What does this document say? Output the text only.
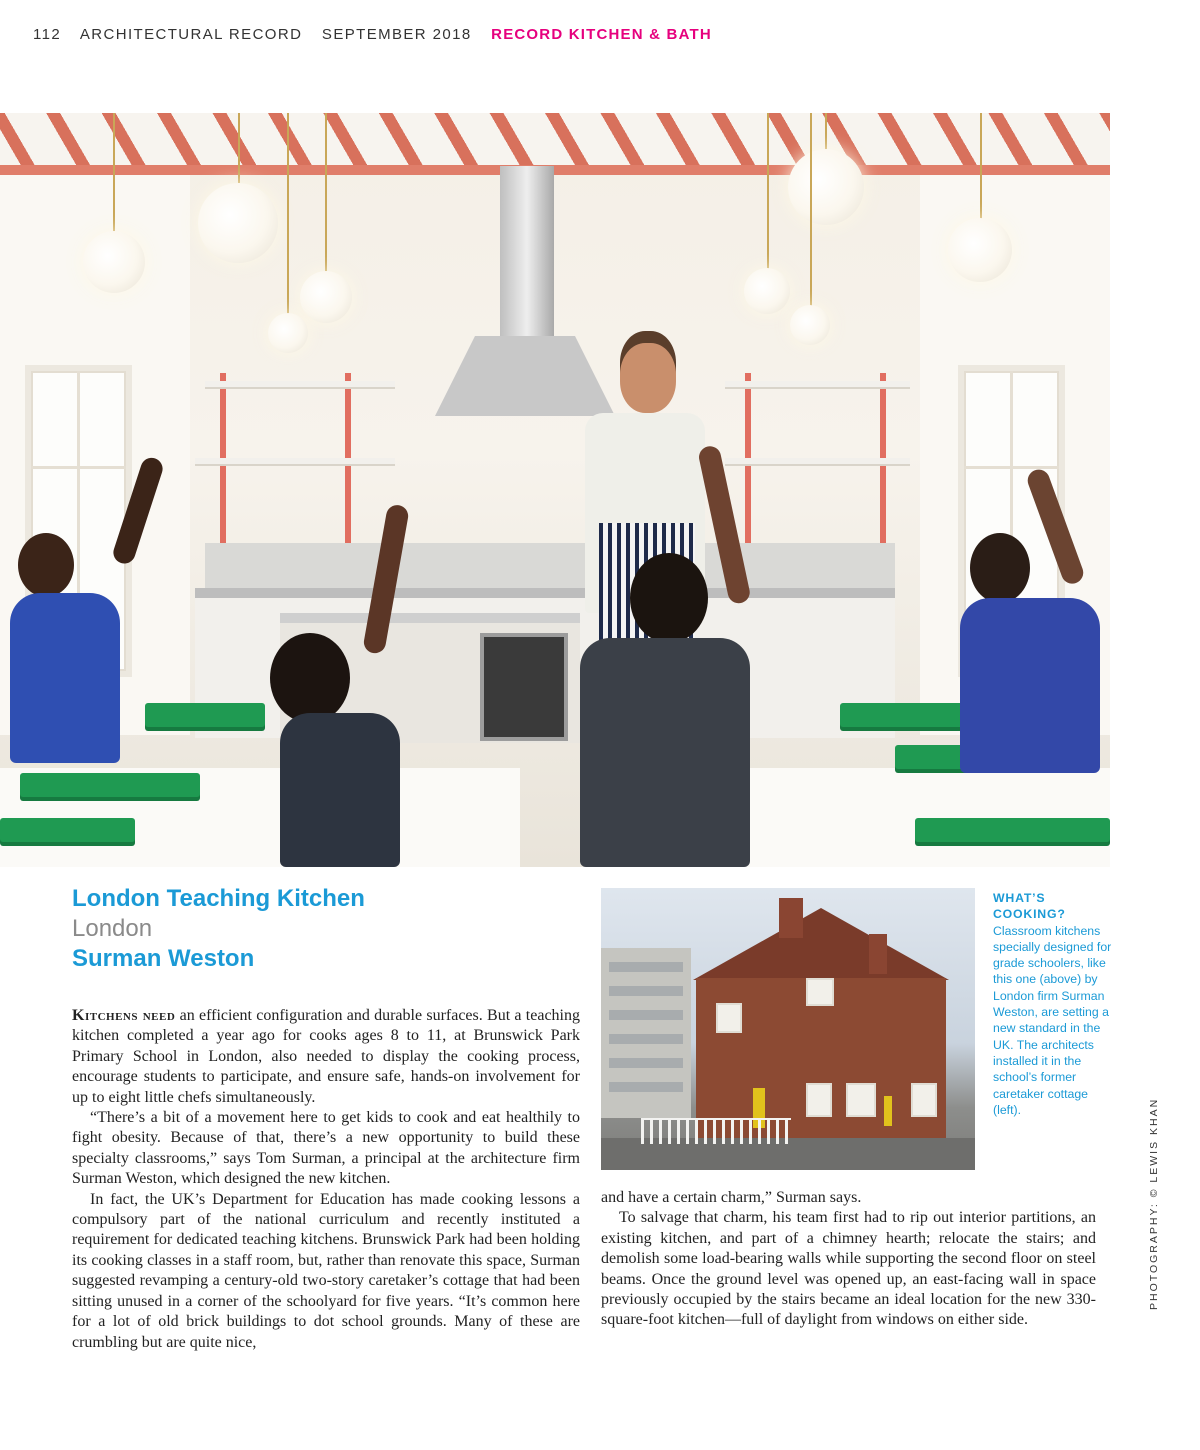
112 ARCHITECTURAL RECORD SEPTEMBER 2018 RECORD KITCHEN & BATH
London Teaching Kitchen
London
Surman Weston

Kitchens need an efficient configuration and durable surfaces. But a teaching kitchen completed a year ago for cooks ages 8 to 11, at Brunswick Park Primary School in London, also needed to display the cooking process, encourage students to participate, and ensure safe, hands-on involvement for up to eight little chefs simultaneously.

“There’s a bit of a movement here to get kids to cook and eat healthily to fight obesity. Because of that, there’s a new opportunity to build these specialty classrooms,” says Tom Surman, a principal at the architecture firm Surman Weston, which designed the new kitchen.

In fact, the UK’s Department for Education has made cooking lessons a compulsory part of the national curriculum and recently instituted a requirement for dedicated teaching kitchens. Brunswick Park had been holding its cooking classes in a staff room, but, rather than renovate this space, Surman suggested revamping a century-old two-story caretaker’s cottage that had been sitting unused in a corner of the schoolyard for five years. “It’s common here for a lot of old brick buildings to dot school grounds. Many of these are crumbling but are quite nice,

WHAT’S COOKING?
Classroom kitchens specially designed for grade schoolers, like this one (above) by London firm Surman Weston, are setting a new standard in the UK. The architects installed it in the school’s former caretaker cottage (left).

and have a certain charm,” Surman says.

To salvage that charm, his team first had to rip out interior partitions, an existing kitchen, and part of a chimney hearth; relocate the stairs; and demolish some load-bearing walls while supporting the second floor on steel beams. Once the ground level was opened up, an east-facing wall in space previously occupied by the stairs became an ideal location for the new 330-square-foot kitchen—full of daylight from windows on either side.

PHOTOGRAPHY: © LEWIS KHAN
